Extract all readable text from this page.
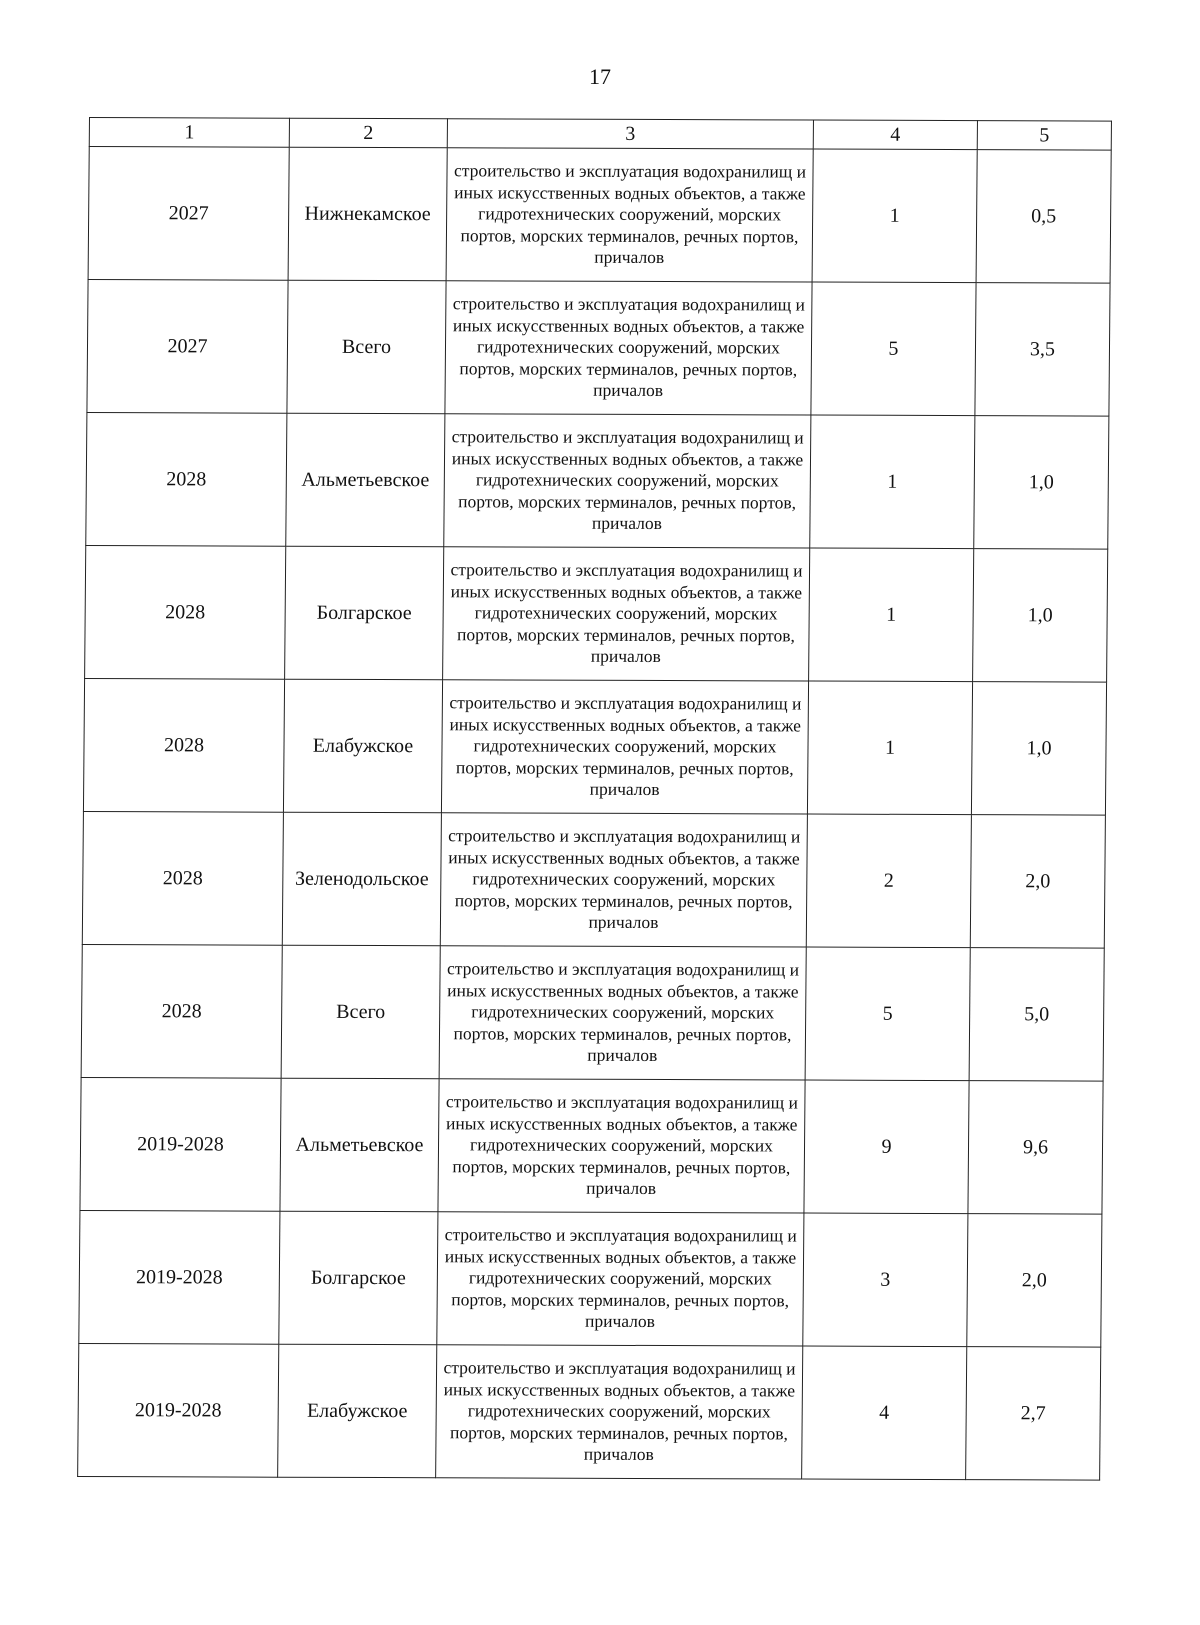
17
1	2	3	4	5
2027	Нижнекамское	строительство и эксплуатация водохранилищ и иных искусственных водных объектов, а также гидротехнических сооружений, морских портов, морских терминалов, речных портов, причалов	1	0,5
2027	Всего	строительство и эксплуатация водохранилищ и иных искусственных водных объектов, а также гидротехнических сооружений, морских портов, морских терминалов, речных портов, причалов	5	3,5
2028	Альметьевское	строительство и эксплуатация водохранилищ и иных искусственных водных объектов, а также гидротехнических сооружений, морских портов, морских терминалов, речных портов, причалов	1	1,0
2028	Болгарское	строительство и эксплуатация водохранилищ и иных искусственных водных объектов, а также гидротехнических сооружений, морских портов, морских терминалов, речных портов, причалов	1	1,0
2028	Елабужское	строительство и эксплуатация водохранилищ и иных искусственных водных объектов, а также гидротехнических сооружений, морских портов, морских терминалов, речных портов, причалов	1	1,0
2028	Зеленодольское	строительство и эксплуатация водохранилищ и иных искусственных водных объектов, а также гидротехнических сооружений, морских портов, морских терминалов, речных портов, причалов	2	2,0
2028	Всего	строительство и эксплуатация водохранилищ и иных искусственных водных объектов, а также гидротехнических сооружений, морских портов, морских терминалов, речных портов, причалов	5	5,0
2019-2028	Альметьевское	строительство и эксплуатация водохранилищ и иных искусственных водных объектов, а также гидротехнических сооружений, морских портов, морских терминалов, речных портов, причалов	9	9,6
2019-2028	Болгарское	строительство и эксплуатация водохранилищ и иных искусственных водных объектов, а также гидротехнических сооружений, морских портов, морских терминалов, речных портов, причалов	3	2,0
2019-2028	Елабужское	строительство и эксплуатация водохранилищ и иных искусственных водных объектов, а также гидротехнических сооружений, морских портов, морских терминалов, речных портов, причалов	4	2,7
